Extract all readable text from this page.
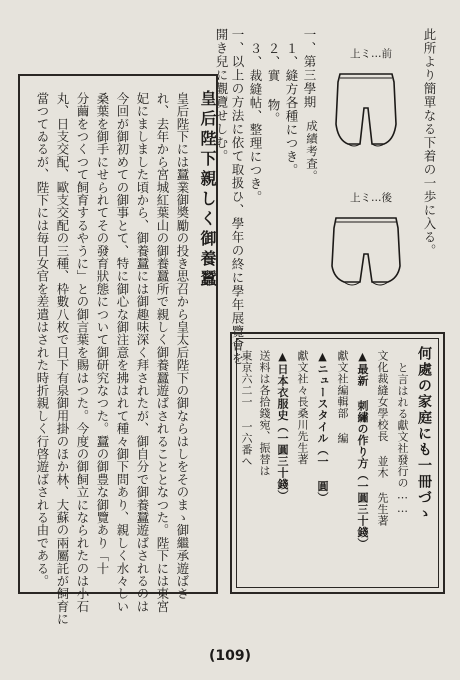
此所より簡單なる下着の一歩に入る。
一、第三學期
成績考査。
１、縫方各種につき。
２、實 物。
３、裁縫帖、整理につき。
一、以上の方法に依て取扱ひ、學年の終に學年展覽會を
開き兒に觀覽せしむ。	上ミ…前
上ミ…後
皇后陛下親しく御養蠶
皇后陛下には蠶業御奬勵の投き思召から皇太后陛下の御ならはしをそのまゝ御繼承遊ばさ
れ、去年から宮城紅葉山の御養蠶所で親しく御養蠶遊ばされることとなつた。陛下には東宮
妃にましました頃から、御養蠶には御趣味深く拜されたが、御自分で御養蠶遊ばされるのは
今回が御初めての御事とて、特に御心な御注意を拂はれて種々御下問あり、親しく水々しい
桑葉を御手にせられてその發育狀態について御研究なつた。蠶の御豊な御覽あり「十
分繭をつくつて飼育するやうに」との御言葉を賜はつた。今度の御飼立になられたのは小石
丸、日支交配、歐支交配の三種、枠數八枚で日下有泉御用掛のほか林、大蘇の兩屬託が飼育に
當つてゐるが、陛下には毎日女官を差遣はされた時折親しく行啓遊ばされる由である。	何處の家庭にも一冊づゝ
と言はれる獻文社發行の……
文化裁縫女學校長 並木 先生著
▲最新 刺繡の作り方（一圓三十錢）
獻文社編輯部 編
▲ニュースタイル（一 圓）
獻文社々長桑川先生著
▲日本衣服史（一圓三十錢）
送料は各拾錢宛、振替は
東京六二一 一六番へ
(109)
